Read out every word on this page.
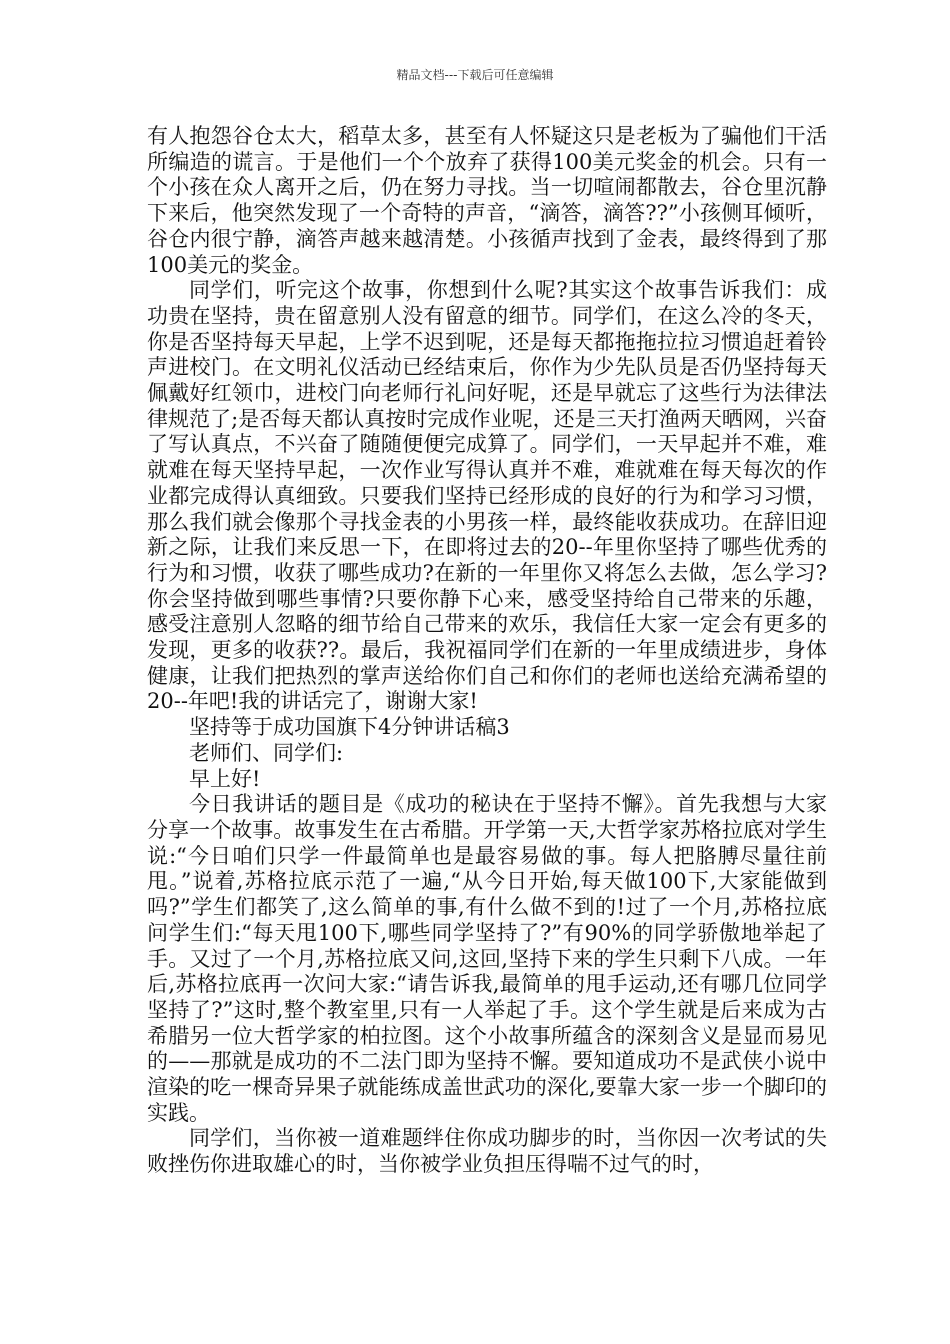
精品文档---下载后可任意编辑

有人抱怨谷仓太大，稻草太多，甚至有人怀疑这只是老板为了骗他们干活所编造的谎言。于是他们一个个放弃了获得100美元奖金的机会。只有一个小孩在众人离开之后，仍在努力寻找。当一切喧闹都散去，谷仓里沉静下来后，他突然发现了一个奇特的声音，“滴答，滴答??”小孩侧耳倾听，谷仓内很宁静，滴答声越来越清楚。小孩循声找到了金表，最终得到了那100美元的奖金。

同学们，听完这个故事，你想到什么呢?其实这个故事告诉我们：成功贵在坚持，贵在留意别人没有留意的细节。同学们，在这么冷的冬天，你是否坚持每天早起，上学不迟到呢，还是每天都拖拖拉拉习惯追赶着铃声进校门。在文明礼仪活动已经结束后，你作为少先队员是否仍坚持每天佩戴好红领巾，进校门向老师行礼问好呢，还是早就忘了这些行为法律法律规范了;是否每天都认真按时完成作业呢，还是三天打渔两天晒网，兴奋了写认真点，不兴奋了随随便便完成算了。同学们，一天早起并不难，难就难在每天坚持早起，一次作业写得认真并不难，难就难在每天每次的作业都完成得认真细致。只要我们坚持已经形成的良好的行为和学习习惯，那么我们就会像那个寻找金表的小男孩一样，最终能收获成功。在辞旧迎新之际，让我们来反思一下，在即将过去的20--年里你坚持了哪些优秀的行为和习惯，收获了哪些成功?在新的一年里你又将怎么去做，怎么学习?你会坚持做到哪些事情?只要你静下心来，感受坚持给自己带来的乐趣，感受注意别人忽略的细节给自己带来的欢乐，我信任大家一定会有更多的发现，更多的收获??。最后，我祝福同学们在新的一年里成绩进步，身体健康，让我们把热烈的掌声送给你们自己和你们的老师也送给充满希望的20--年吧!我的讲话完了，谢谢大家!

坚持等于成功国旗下4分钟讲话稿3

老师们、同学们:

早上好!

今日我讲话的题目是《成功的秘诀在于坚持不懈》。首先我想与大家分享一个故事。故事发生在古希腊。开学第一天,大哲学家苏格拉底对学生说:“今日咱们只学一件最简单也是最容易做的事。每人把胳膊尽量往前甩。”说着,苏格拉底示范了一遍,“从今日开始,每天做100下,大家能做到吗?”学生们都笑了,这么简单的事,有什么做不到的!过了一个月,苏格拉底问学生们:“每天甩100下,哪些同学坚持了?”有90%的同学骄傲地举起了手。又过了一个月,苏格拉底又问,这回,坚持下来的学生只剩下八成。一年后,苏格拉底再一次问大家:“请告诉我,最简单的甩手运动,还有哪几位同学坚持了?”这时,整个教室里,只有一人举起了手。这个学生就是后来成为古希腊另一位大哲学家的柏拉图。这个小故事所蕴含的深刻含义是显而易见的——那就是成功的不二法门即为坚持不懈。要知道成功不是武侠小说中渲染的吃一棵奇异果子就能练成盖世武功的深化,要靠大家一步一个脚印的实践。

同学们，当你被一道难题绊住你成功脚步的时，当你因一次考试的失败挫伤你进取雄心的时，当你被学业负担压得喘不过气的时，
